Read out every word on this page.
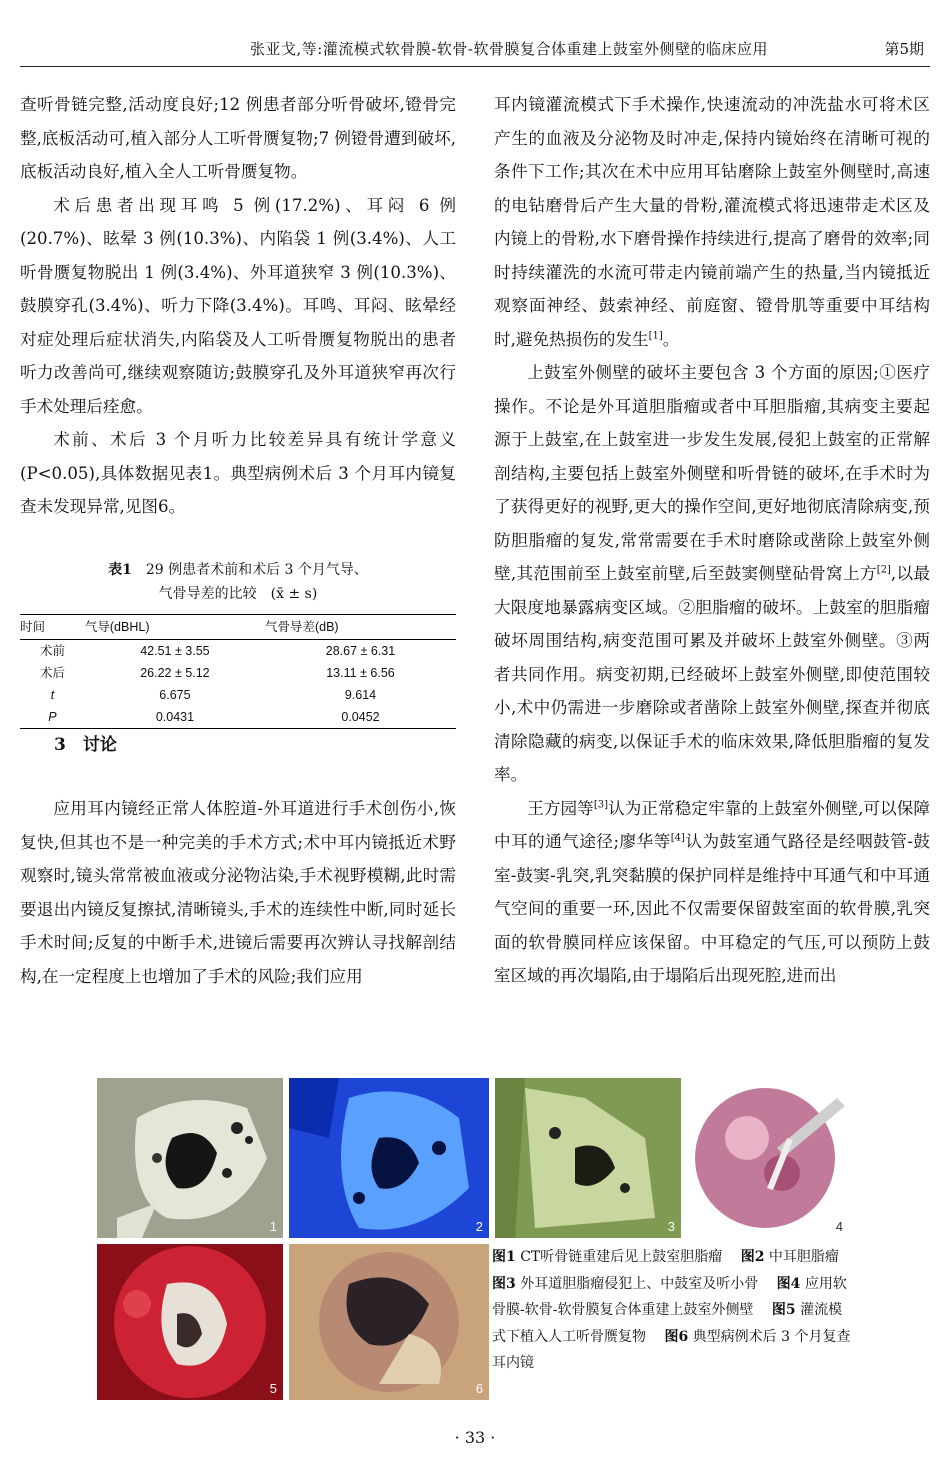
张亚戈,等:灌流模式软骨膜-软骨-软骨膜复合体重建上鼓室外侧壁的临床应用	第5期

查听骨链完整,活动度良好;12 例患者部分听骨破坏,镫骨完整,底板活动可,植入部分人工听骨赝复物;7 例镫骨遭到破坏,底板活动良好,植入全人工听骨赝复物。

术后患者出现耳鸣 5 例(17.2%)、耳闷 6 例(20.7%)、眩晕 3 例(10.3%)、内陷袋 1 例(3.4%)、人工听骨赝复物脱出 1 例(3.4%)、外耳道狭窄 3 例(10.3%)、鼓膜穿孔(3.4%)、听力下降(3.4%)。耳鸣、耳闷、眩晕经对症处理后症状消失,内陷袋及人工听骨赝复物脱出的患者听力改善尚可,继续观察随访;鼓膜穿孔及外耳道狭窄再次行手术处理后痊愈。

术前、术后 3 个月听力比较差异具有统计学意义(P<0.05),具体数据见表1。典型病例术后 3 个月耳内镜复查未发现异常,见图6。

表1　 29 例患者术前和术后 3 个月气导、
气骨导差的比较　(x̄ ± s)
时间	气导(dBHL)	气骨导差(dB)
术前	42.51 ± 3.55	28.67 ± 6.31
术后	26.22 ± 5.12	13.11 ± 6.56
t	6.675	9.614
P	0.0431	0.0452

3　讨论

应用耳内镜经正常人体腔道-外耳道进行手术创伤小,恢复快,但其也不是一种完美的手术方式;术中耳内镜抵近术野观察时,镜头常常被血液或分泌物沾染,手术视野模糊,此时需要退出内镜反复擦拭,清晰镜头,手术的连续性中断,同时延长手术时间;反复的中断手术,进镜后需要再次辨认寻找解剖结构,在一定程度上也增加了手术的风险;我们应用

耳内镜灌流模式下手术操作,快速流动的冲洗盐水可将术区产生的血液及分泌物及时冲走,保持内镜始终在清晰可视的条件下工作;其次在术中应用耳钻磨除上鼓室外侧壁时,高速的电钻磨骨后产生大量的骨粉,灌流模式将迅速带走术区及内镜上的骨粉,水下磨骨操作持续进行,提高了磨骨的效率;同时持续灌洗的水流可带走内镜前端产生的热量,当内镜抵近观察面神经、鼓索神经、前庭窗、镫骨肌等重要中耳结构时,避免热损伤的发生[1]。

上鼓室外侧壁的破坏主要包含 3 个方面的原因;①医疗操作。不论是外耳道胆脂瘤或者中耳胆脂瘤,其病变主要起源于上鼓室,在上鼓室进一步发生发展,侵犯上鼓室的正常解剖结构,主要包括上鼓室外侧壁和听骨链的破坏,在手术时为了获得更好的视野,更大的操作空间,更好地彻底清除病变,预防胆脂瘤的复发,常常需要在手术时磨除或凿除上鼓室外侧壁,其范围前至上鼓室前壁,后至鼓窦侧壁砧骨窝上方[2],以最大限度地暴露病变区域。②胆脂瘤的破坏。上鼓室的胆脂瘤破坏周围结构,病变范围可累及并破坏上鼓室外侧壁。③两者共同作用。病变初期,已经破坏上鼓室外侧壁,即使范围较小,术中仍需进一步磨除或者凿除上鼓室外侧壁,探查并彻底清除隐藏的病变,以保证手术的临床效果,降低胆脂瘤的复发率。

王方园等[3]认为正常稳定牢靠的上鼓室外侧壁,可以保障中耳的通气途径;廖华等[4]认为鼓室通气路径是经咽鼓管-鼓室-鼓窦-乳突,乳突黏膜的保护同样是维持中耳通气和中耳通气空间的重要一环,因此不仅需要保留鼓室面的软骨膜,乳突面的软骨膜同样应该保留。中耳稳定的气压,可以预防上鼓室区域的再次塌陷,由于塌陷后出现死腔,进而出

1	2	3	4
5	6
图1 CT听骨链重建后见上鼓室胆脂瘤　 图2 中耳胆脂瘤　 图3 外耳道胆脂瘤侵犯上、中鼓室及听小骨　 图4 应用软骨膜-软骨-软骨膜复合体重建上鼓室外侧壁　 图5 灌流模式下植入人工听骨赝复物　 图6 典型病例术后 3 个月复查耳内镜
· 33 ·
